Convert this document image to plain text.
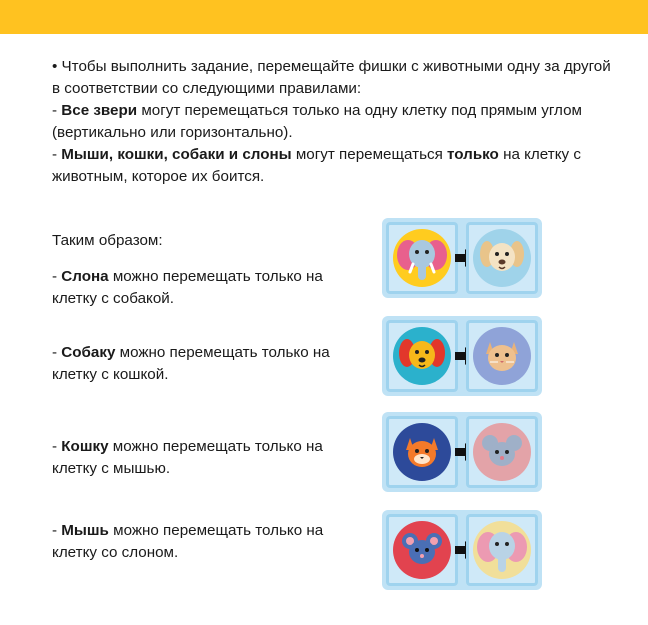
• Чтобы выполнить задание, перемещайте фишки с животными одну за другой в соответствии со следующими правилами:

- Все звери могут перемещаться только на одну клетку под прямым углом (вертикально или горизонтально).

- Мыши, кошки, собаки и слоны могут перемещаться только на клетку с животным, которое их боится.

Таким образом:
- Слона можно перемещать только на клетку с собакой.
- Собаку можно перемещать только на клетку с кошкой.
- Кошку можно перемещать только на клетку с мышью.
- Мышь можно перемещать только на клетку со слоном.
